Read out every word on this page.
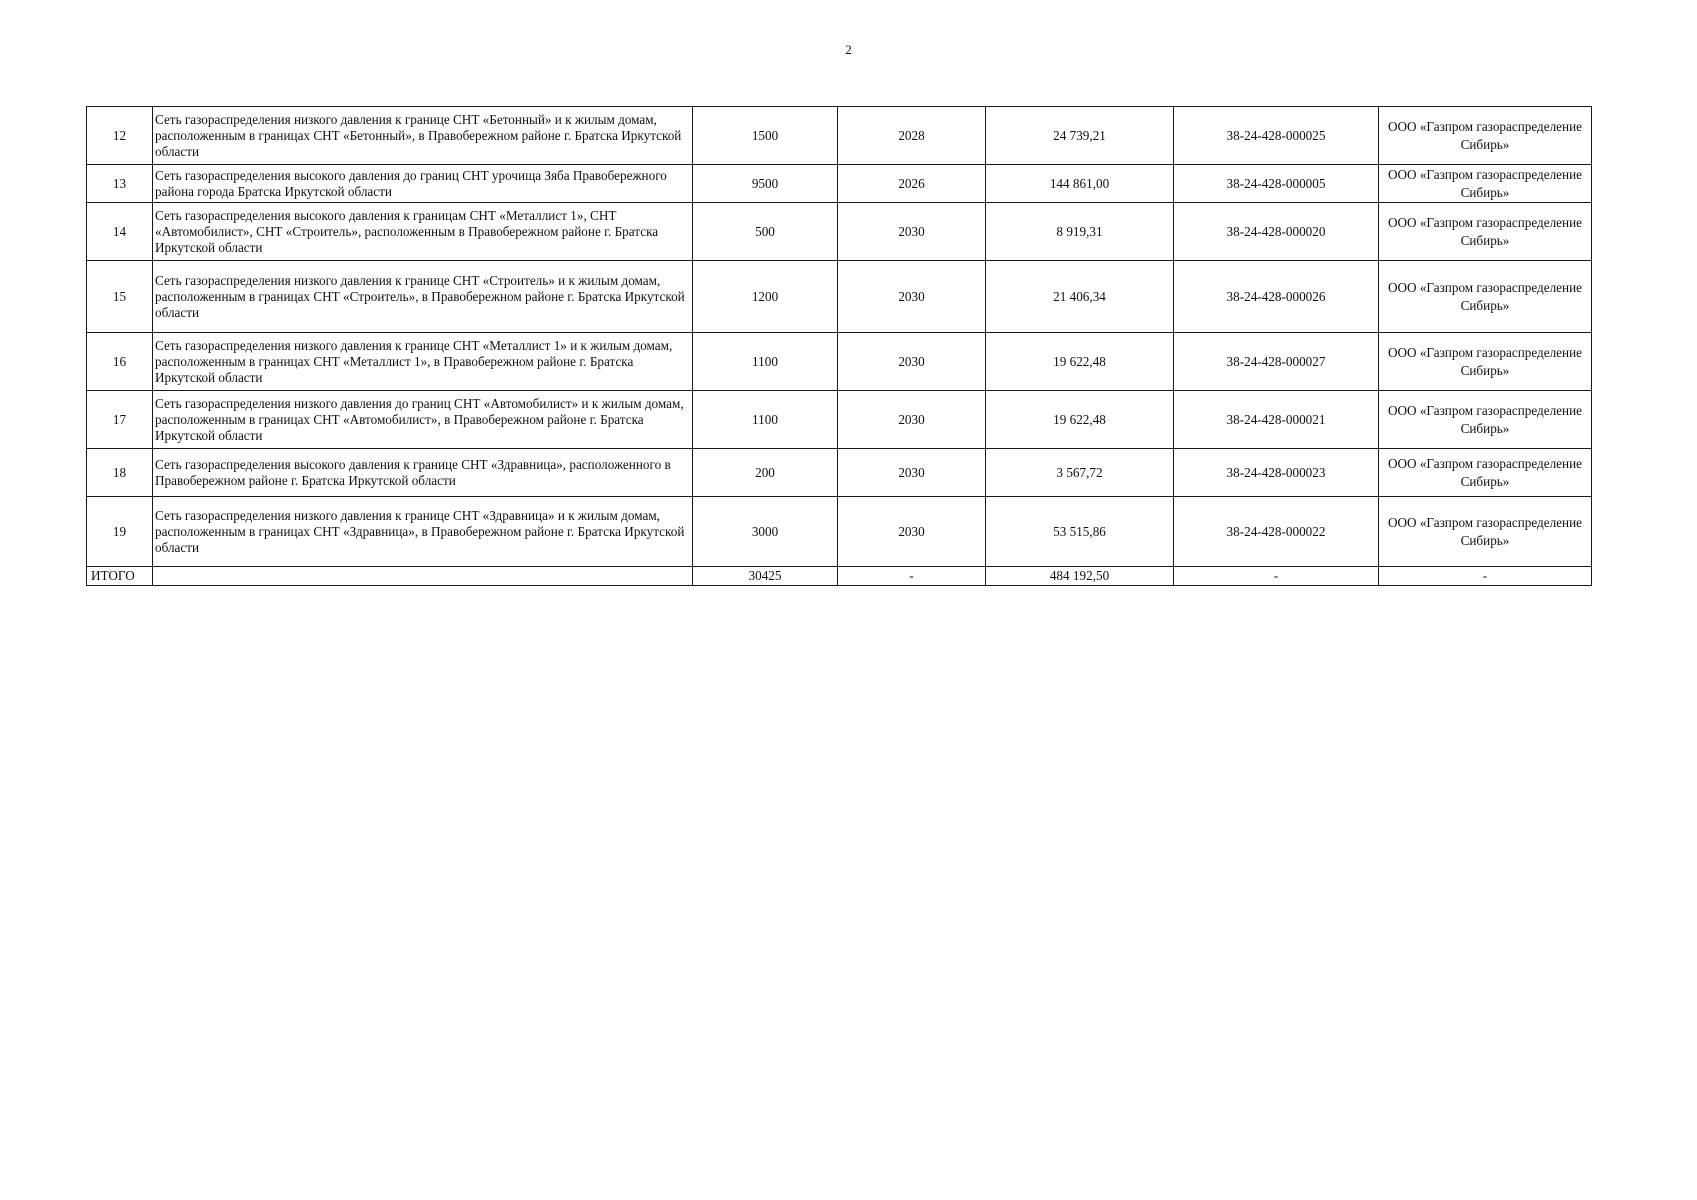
2
12	Сеть газораспределения низкого давления к границе СНТ «Бетонный» и к жилым домам, расположенным в границах СНТ «Бетонный», в Правобережном районе г. Братска Иркутской области	1500	2028	24 739,21	38-24-428-000025	ООО «Газпром газораспределение Сибирь»
13	Сеть газораспределения высокого давления до границ СНТ урочища Зяба Правобережного района города Братска Иркутской области	9500	2026	144 861,00	38-24-428-000005	ООО «Газпром газораспределение Сибирь»
14	Сеть газораспределения высокого давления к границам СНТ «Металлист 1», СНТ «Автомобилист», СНТ «Строитель», расположенным в Правобережном районе г. Братска Иркутской области	500	2030	8 919,31	38-24-428-000020	ООО «Газпром газораспределение Сибирь»
15	Сеть газораспределения низкого давления к границе СНТ «Строитель» и к жилым домам, расположенным в границах СНТ «Строитель», в Правобережном районе г. Братска Иркутской области	1200	2030	21 406,34	38-24-428-000026	ООО «Газпром газораспределение Сибирь»
16	Сеть газораспределения низкого давления к границе СНТ «Металлист 1» и к жилым домам, расположенным в границах СНТ «Металлист 1», в Правобережном районе г. Братска Иркутской области	1100	2030	19 622,48	38-24-428-000027	ООО «Газпром газораспределение Сибирь»
17	Сеть газораспределения низкого давления до границ СНТ «Автомобилист» и к жилым домам, расположенным в границах СНТ «Автомобилист», в Правобережном районе г. Братска Иркутской области	1100	2030	19 622,48	38-24-428-000021	ООО «Газпром газораспределение Сибирь»
18	Сеть газораспределения высокого давления к границе СНТ «Здравница», расположенного в Правобережном районе г. Братска Иркутской области	200	2030	3 567,72	38-24-428-000023	ООО «Газпром газораспределение Сибирь»
19	Сеть газораспределения низкого давления к границе СНТ «Здравница» и к жилым домам, расположенным в границах СНТ «Здравница», в Правобережном районе г. Братска Иркутской области	3000	2030	53 515,86	38-24-428-000022	ООО «Газпром газораспределение Сибирь»
ИТОГО		30425	-	484 192,50	-	-
